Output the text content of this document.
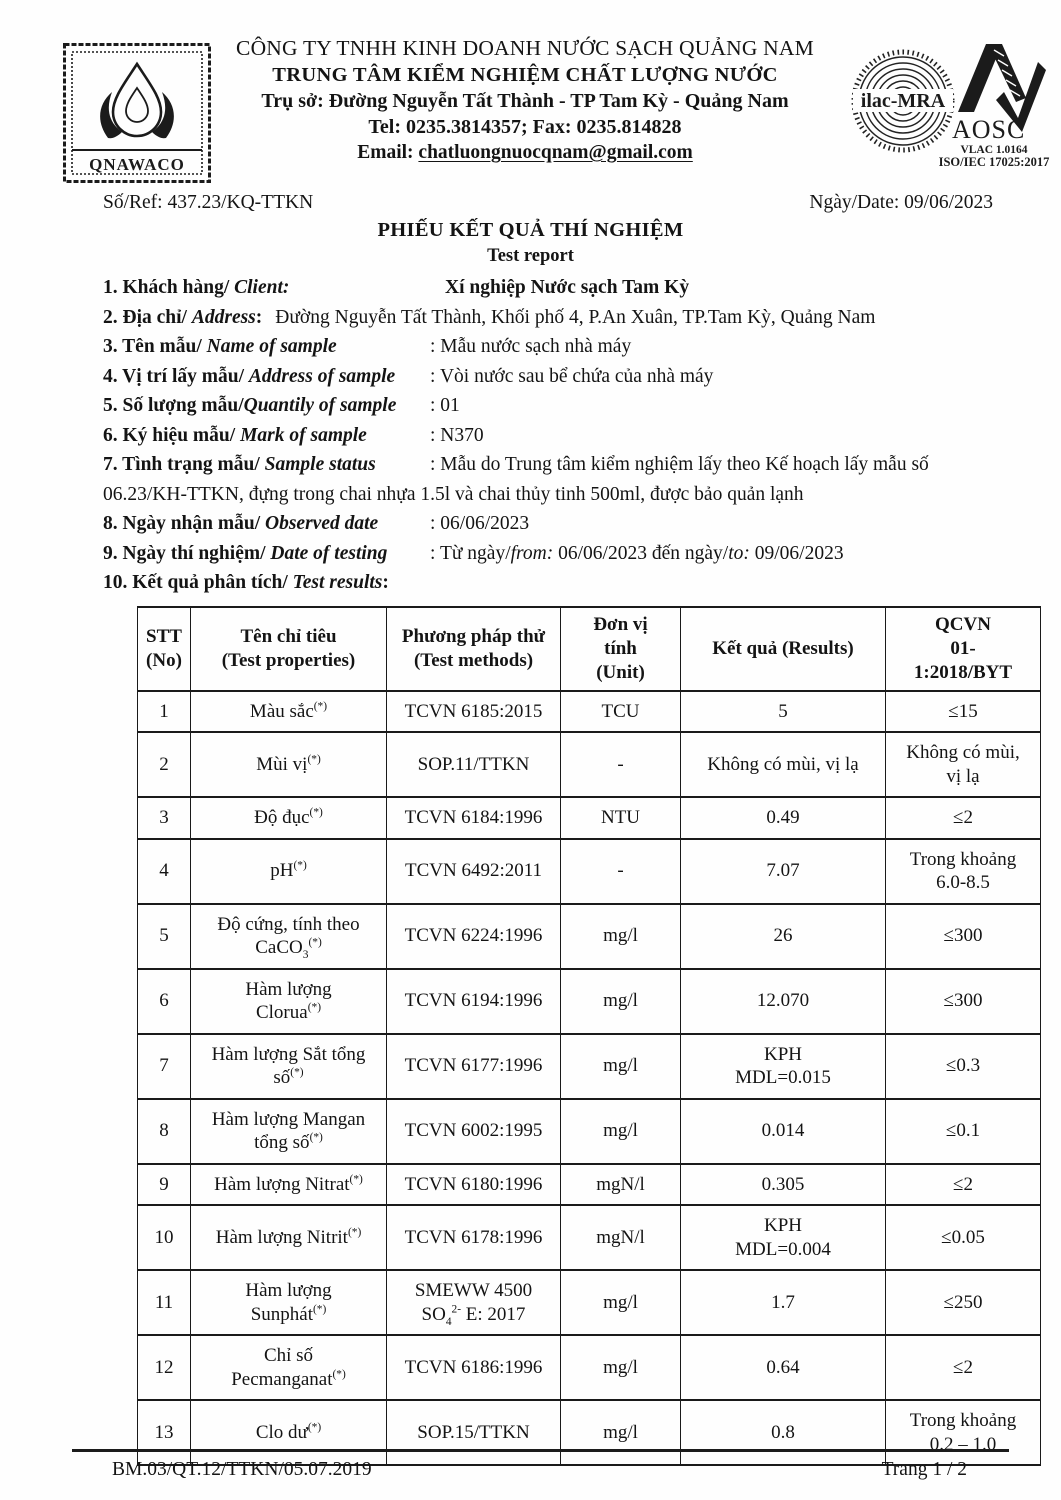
QNAWACO
CÔNG TY TNHH KINH DOANH NƯỚC SẠCH QUẢNG NAM
TRUNG TÂM KIỂM NGHIỆM CHẤT LƯỢNG NƯỚC
Trụ sở: Đường Nguyễn Tất Thành - TP Tam Kỳ - Quảng Nam
Tel: 0235.3814357; Fax: 0235.814828
Email: chatluongnuocqnam@gmail.com
ilac-MRA
AOSC
VLAC 1.0164
ISO/IEC 17025:2017
Số/Ref: 437.23/KQ-TTKN	Ngày/Date: 09/06/2023
PHIẾU KẾT QUẢ THÍ NGHIỆM
Test report
1. Khách hàng/ Client:	Xí nghiệp Nước sạch Tam Kỳ
2. Địa chỉ/ Address: Đường Nguyễn Tất Thành, Khối phố 4, P.An Xuân, TP.Tam Kỳ, Quảng Nam
3. Tên mẫu/ Name of sample	: Mẫu nước sạch nhà máy
4. Vị trí lấy mẫu/ Address of sample : Vòi nước sau bể chứa của nhà máy
5. Số lượng mẫu/Quantily of sample : 01
6. Ký hiệu mẫu/ Mark of sample	: N370
7. Tình trạng mẫu/ Sample status	: Mẫu do Trung tâm kiểm nghiệm lấy theo Kế hoạch lấy mẫu số
06.23/KH-TTKN, đựng trong chai nhựa 1.5l và chai thủy tinh 500ml, được bảo quản lạnh
8. Ngày nhận mẫu/ Observed date	: 06/06/2023
9. Ngày thí nghiệm/ Date of testing : Từ ngày/from: 06/06/2023 đến ngày/to: 09/06/2023
10. Kết quả phân tích/ Test results:
STT
(No)	Tên chỉ tiêu
(Test properties)	Phương pháp thử
(Test methods)	Đơn vị
tính
(Unit)	Kết quả (Results)	QCVN
01-
1:2018/BYT
1	Màu sắc(*)	TCVN 6185:2015	TCU	5	≤15
2	Mùi vị(*)	SOP.11/TTKN	-	Không có mùi, vị lạ	Không có mùi,
vị lạ
3	Độ đục(*)	TCVN 6184:1996	NTU	0.49	≤2
4	pH(*)	TCVN 6492:2011	-	7.07	Trong khoảng
6.0-8.5
5	Độ cứng, tính theo
CaCO$_3$(*)	TCVN 6224:1996	mg/l	26	≤300
6	Hàm lượng
Clorua(*)	TCVN 6194:1996	mg/l	12.070	≤300
7	Hàm lượng Sắt tổng
số(*)	TCVN 6177:1996	mg/l	KPH
MDL=0.015	≤0.3
8	Hàm lượng Mangan
tổng số(*)	TCVN 6002:1995	mg/l	0.014	≤0.1
9	Hàm lượng Nitrat(*)	TCVN 6180:1996	mgN/l	0.305	≤2
10	Hàm lượng Nitrit(*)	TCVN 6178:1996	mgN/l	KPH
MDL=0.004	≤0.05
11	Hàm lượng
Sunphát(*)	SMEWW 4500
$SO_4^{2-}$ E: 2017	mg/l	1.7	≤250
12	Chỉ số
Pecmanganat(*)	TCVN 6186:1996	mg/l	0.64	≤2
13	Clo dư(*)	SOP.15/TTKN	mg/l	0.8	Trong khoảng
0.2 – 1.0
BM.03/QT.12/TTKN/05.07.2019	Trang 1 / 2
